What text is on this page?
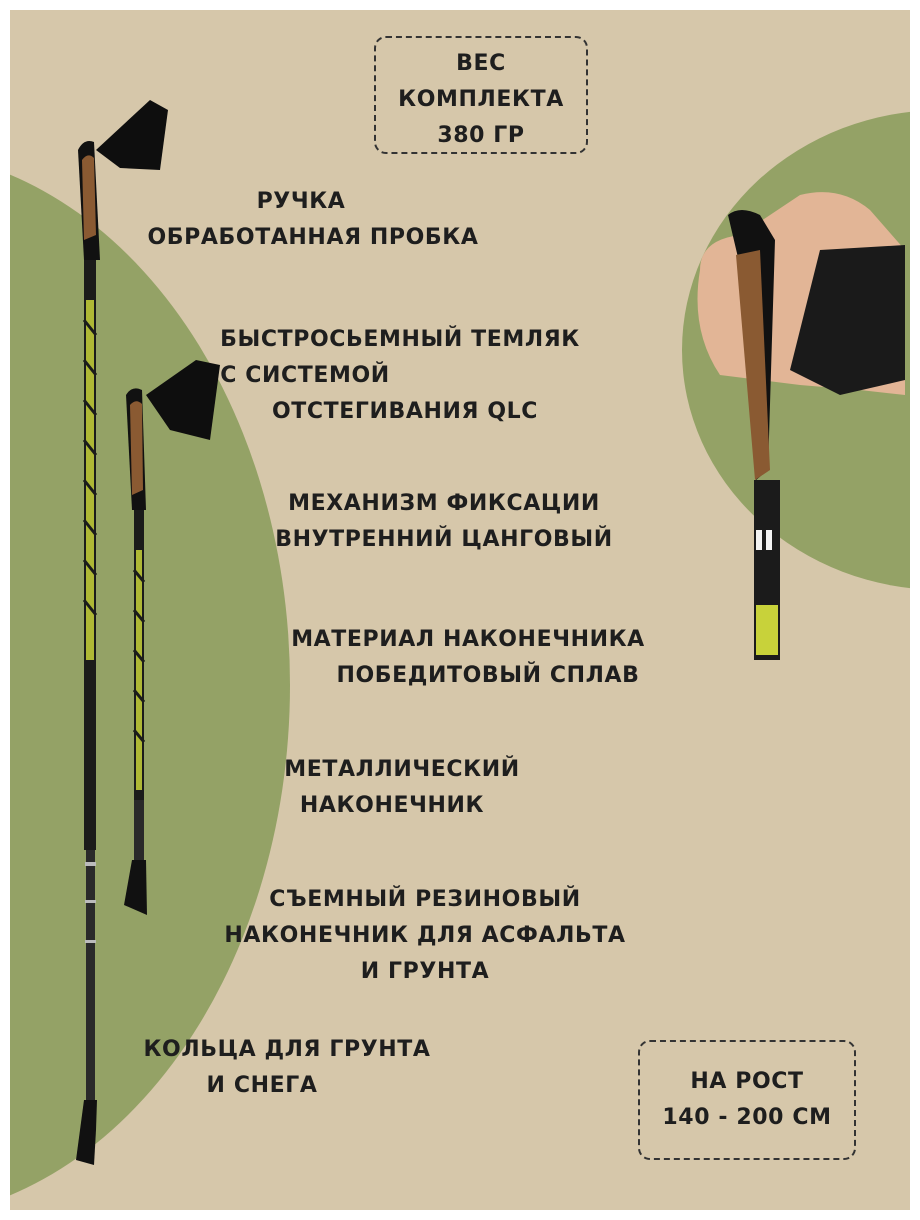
ВЕС
КОМПЛЕКТА
380 ГР
РУЧКА
ОБРАБОТАННАЯ ПРОБКА
БЫСТРОСЬЕМНЫЙ ТЕМЛЯК
С СИСТЕМОЙ
ОТСТЕГИВАНИЯ QLC
МЕХАНИЗМ ФИКСАЦИИ
ВНУТРЕННИЙ ЦАНГОВЫЙ
МАТЕРИАЛ НАКОНЕЧНИКА
ПОБЕДИТОВЫЙ СПЛАВ
МЕТАЛЛИЧЕСКИЙ
НАКОНЕЧНИК
СЪЕМНЫЙ РЕЗИНОВЫЙ
НАКОНЕЧНИК ДЛЯ АСФАЛЬТА
И ГРУНТА
КОЛЬЦА ДЛЯ ГРУНТА
И СНЕГА	НА РОСТ
140 - 200 СМ
